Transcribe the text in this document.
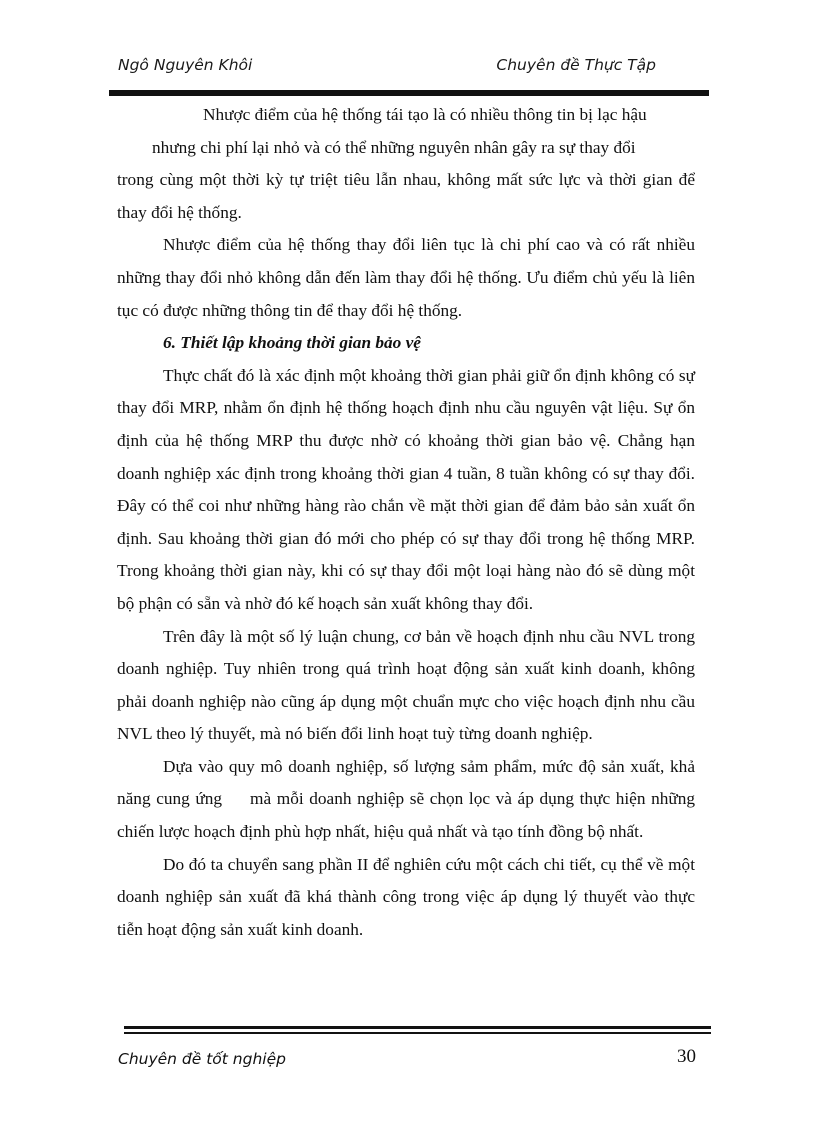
Ngô Nguyên Khôi	Chuyên đề Thực Tập

Nhược điểm của hệ thống tái tạo là có nhiều thông tin bị lạc hậu

nhưng chi phí lại nhỏ và có thể những nguyên nhân gây ra sự thay đổi

trong cùng một thời kỳ tự triệt tiêu lẫn nhau, không mất sức lực và thời gian để thay đổi hệ thống.

Nhược điểm của hệ thống thay đổi liên tục là chi phí cao và có rất nhiều những thay đổi nhỏ không dẫn đến làm thay đổi hệ thống. Ưu điểm chủ yếu là liên tục có được những thông tin để thay đổi hệ thống.

6. Thiết lập khoảng thời gian bảo vệ

Thực chất đó là xác định một khoảng thời gian phải giữ ổn định không có sự thay đổi MRP, nhằm ổn định hệ thống hoạch định nhu cầu nguyên vật liệu. Sự ổn định của hệ thống MRP thu được nhờ có khoảng thời gian bảo vệ. Chẳng hạn doanh nghiệp xác định trong khoảng thời gian 4 tuần, 8 tuần không có sự thay đổi. Đây có thể coi như những hàng rào chắn về mặt thời gian để đảm bảo sản xuất ổn định. Sau khoảng thời gian đó mới cho phép có sự thay đổi trong hệ thống MRP. Trong khoảng thời gian này, khi có sự thay đổi một loại hàng nào đó sẽ dùng một bộ phận có sẵn và nhờ đó kế hoạch sản xuất không thay đổi.

Trên đây là một số lý luận chung, cơ bản về hoạch định nhu cầu NVL trong doanh nghiệp. Tuy nhiên trong quá trình hoạt động sản xuất kinh doanh, không phải doanh nghiệp nào cũng áp dụng một chuẩn mực cho việc hoạch định nhu cầu NVL theo lý thuyết, mà nó biến đổi linh hoạt tuỳ từng doanh nghiệp.

Dựa vào quy mô doanh nghiệp, số lượng sảm phẩm, mức độ sản xuất, khả năng cung ứng     mà mỗi doanh nghiệp sẽ chọn lọc và áp dụng thực hiện những chiến lược hoạch định phù hợp nhất, hiệu quả nhất và tạo tính đồng bộ nhất.

Do đó ta chuyển sang phần II để nghiên cứu một cách chi tiết, cụ thể về một doanh nghiệp sản xuất đã khá thành công trong việc áp dụng lý thuyết vào thực tiễn hoạt động sản xuất kinh doanh.

Chuyên đề tốt nghiệp	30
